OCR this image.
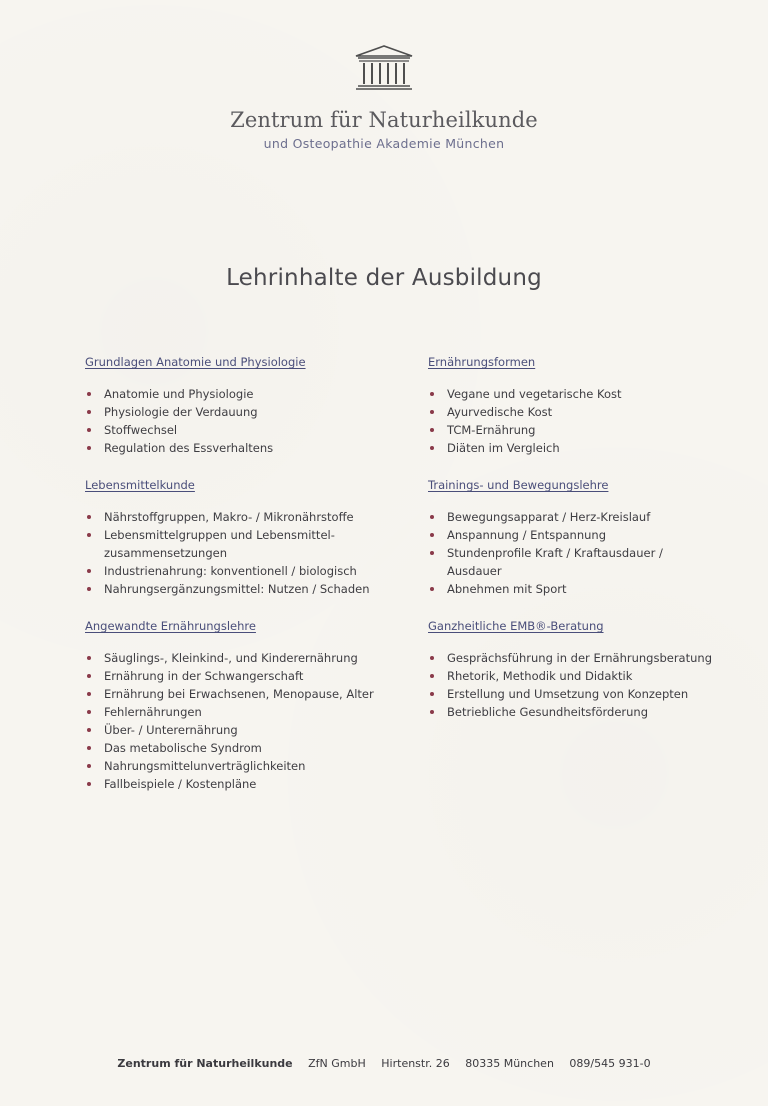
Zentrum für Naturheilkunde
und Osteopathie Akademie München
Lehrinhalte der Ausbildung
Grundlagen Anatomie und Physiologie
Anatomie und Physiologie
Physiologie der Verdauung
Stoffwechsel
Regulation des Essverhaltens
Lebensmittelkunde
Nährstoffgruppen, Makro- / Mikronährstoffe
Lebensmittelgruppen und Lebensmittel-zusammensetzungen
Industrienahrung: konventionell / biologisch
Nahrungsergänzungsmittel: Nutzen / Schaden
Angewandte Ernährungslehre
Säuglings-, Kleinkind-, und Kinderernährung
Ernährung in der Schwangerschaft
Ernährung bei Erwachsenen, Menopause, Alter
Fehlernährungen
Über- / Unterernährung
Das metabolische Syndrom
Nahrungsmittelunverträglichkeiten
Fallbeispiele / Kostenpläne
Ernährungsformen
Vegane und vegetarische Kost
Ayurvedische Kost
TCM-Ernährung
Diäten im Vergleich
Trainings- und Bewegungslehre
Bewegungsapparat / Herz-Kreislauf
Anspannung / Entspannung
Stundenprofile Kraft / Kraftausdauer / Ausdauer
Abnehmen mit Sport
Ganzheitliche EMB®-Beratung
Gesprächsführung in der Ernährungsberatung
Rhetorik, Methodik und Didaktik
Erstellung und Umsetzung von Konzepten
Betriebliche Gesundheitsförderung
Zentrum für Naturheilkunde ZfN GmbH Hirtenstr. 26 80335 München 089/545 931-0
